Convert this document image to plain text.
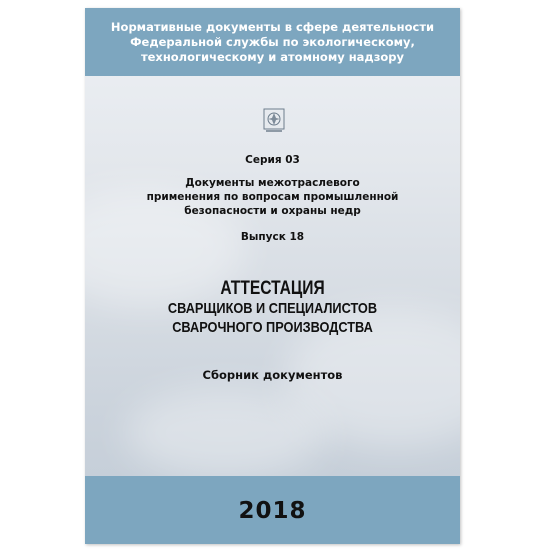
Нормативные документы в сфере деятельности
Федеральной службы по экологическому,
технологическому и атомному надзору
Серия 03
Документы межотраслевого
применения по вопросам промышленной
безопасности и охраны недр
Выпуск 18
АТТЕСТАЦИЯ
СВАРЩИКОВ И СПЕЦИАЛИСТОВ
СВАРОЧНОГО ПРОИЗВОДСТВА
Сборник документов
2018
